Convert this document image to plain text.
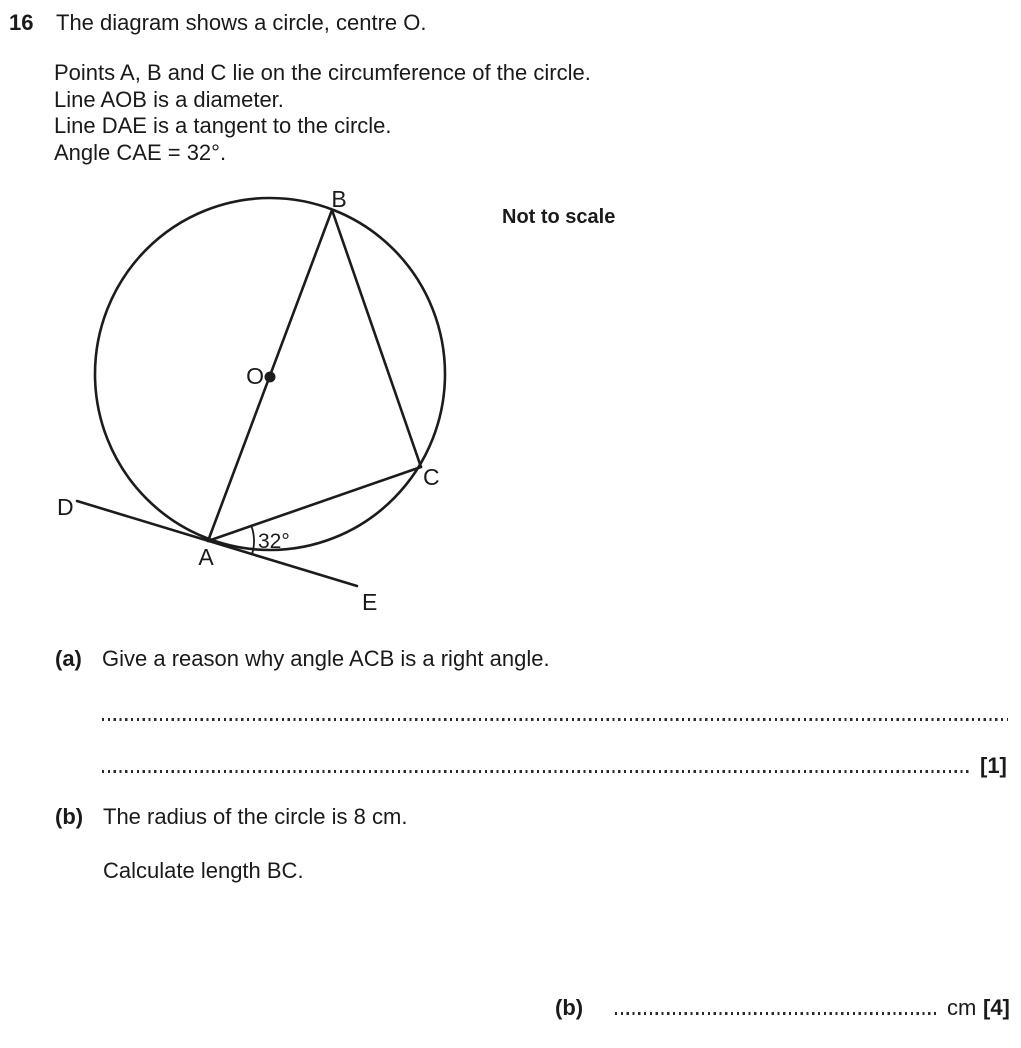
16 The diagram shows a circle, centre O.
Points A, B and C lie on the circumference of the circle.
Line AOB is a diameter.
Line DAE is a tangent to the circle.
Angle CAE = 32°.
Not to scale
B
O
C
A
D
E
32°
(a) Give a reason why angle ACB is a right angle.
[1]
(b) The radius of the circle is 8 cm.
Calculate length BC.
(b)	cm [4]
